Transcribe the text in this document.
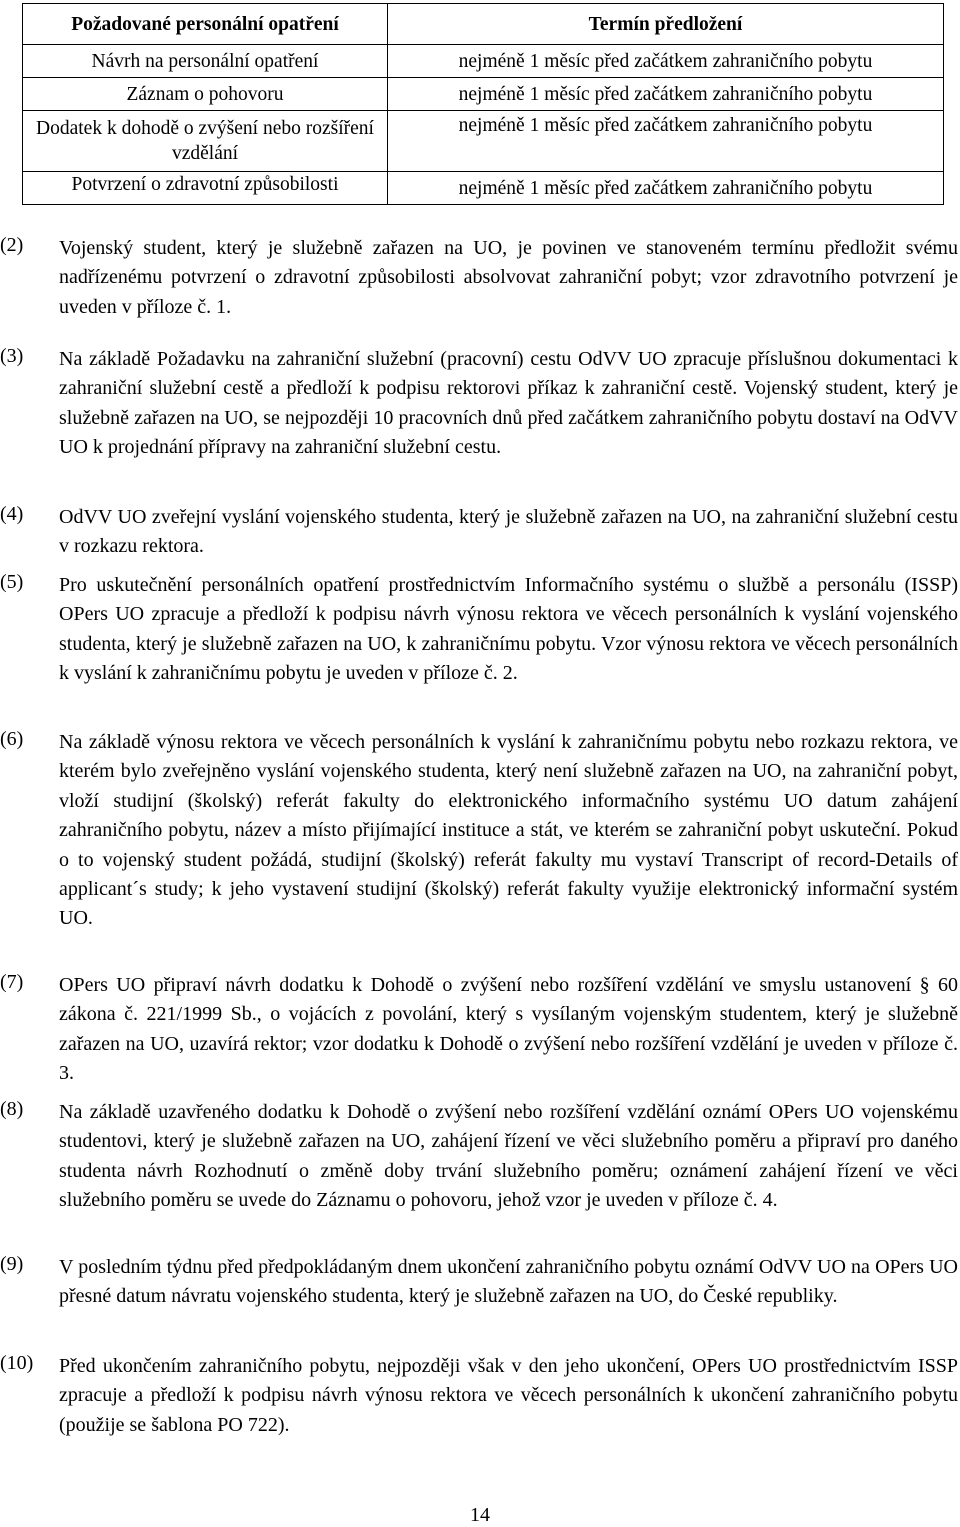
Požadované personální opatření	Termín předložení
Návrh na personální opatření	nejméně 1 měsíc před začátkem zahraničního pobytu
Záznam o pohovoru	nejméně 1 měsíc před začátkem zahraničního pobytu
Dodatek k dohodě o zvýšení nebo rozšíření vzdělání	nejméně 1 měsíc před začátkem zahraničního pobytu
Potvrzení o zdravotní způsobilosti	nejméně 1 měsíc před začátkem zahraničního pobytu
(2)	Vojenský student, který je služebně zařazen na UO, je povinen ve stanoveném termínu předložit svému nadřízenému potvrzení o zdravotní způsobilosti absolvovat zahraniční pobyt; vzor zdravotního potvrzení je uveden v příloze č. 1.
(3)	Na základě Požadavku na zahraniční služební (pracovní) cestu OdVV UO zpracuje příslušnou dokumentaci k zahraniční služební cestě a předloží k podpisu rektorovi příkaz k zahraniční cestě. Vojenský student, který je služebně zařazen na UO, se nejpozději 10 pracovních dnů před začátkem zahraničního pobytu dostaví na OdVV UO k projednání přípravy na zahraniční služební cestu.
(4)	OdVV UO zveřejní vyslání vojenského studenta, který je služebně zařazen na UO, na zahraniční služební cestu v rozkazu rektora.
(5)	Pro uskutečnění personálních opatření prostřednictvím Informačního systému o službě a personálu (ISSP) OPers UO zpracuje a předloží k podpisu návrh výnosu rektora ve věcech personálních k vyslání vojenského studenta, který je služebně zařazen na UO, k zahraničnímu pobytu. Vzor výnosu rektora ve věcech personálních k vyslání k zahraničnímu pobytu je uveden v příloze č. 2.
(6)	Na základě výnosu rektora ve věcech personálních k vyslání k zahraničnímu pobytu nebo rozkazu rektora, ve kterém bylo zveřejněno vyslání vojenského studenta, který není služebně zařazen na UO, na zahraniční pobyt, vloží studijní (školský) referát fakulty do elektronického informačního systému UO datum zahájení zahraničního pobytu, název a místo přijímající instituce a stát, ve kterém se zahraniční pobyt uskuteční. Pokud o to vojenský student požádá, studijní (školský) referát fakulty mu vystaví Transcript of record-Details of applicant´s study; k jeho vystavení studijní (školský) referát fakulty využije elektronický informační systém UO.
(7)	OPers UO připraví návrh dodatku k Dohodě o zvýšení nebo rozšíření vzdělání ve smyslu ustanovení § 60 zákona č. 221/1999 Sb., o vojácích z povolání, který s vysílaným vojenským studentem, který je služebně zařazen na UO, uzavírá rektor; vzor dodatku k Dohodě o zvýšení nebo rozšíření vzdělání je uveden v příloze č. 3.
(8)	Na základě uzavřeného dodatku k Dohodě o zvýšení nebo rozšíření vzdělání oznámí OPers UO vojenskému studentovi, který je služebně zařazen na UO, zahájení řízení ve věci služebního poměru a připraví pro daného studenta návrh Rozhodnutí o změně doby trvání služebního poměru; oznámení zahájení řízení ve věci služebního poměru se uvede do Záznamu o pohovoru, jehož vzor je uveden v příloze č. 4.
(9)	V posledním týdnu před předpokládaným dnem ukončení zahraničního pobytu oznámí OdVV UO na OPers UO přesné datum návratu vojenského studenta, který je služebně zařazen na UO, do České republiky.
(10)	Před ukončením zahraničního pobytu, nejpozději však v den jeho ukončení, OPers UO prostřednictvím ISSP zpracuje a předloží k podpisu návrh výnosu rektora ve věcech personálních k ukončení zahraničního pobytu (použije se šablona PO 722).
14
